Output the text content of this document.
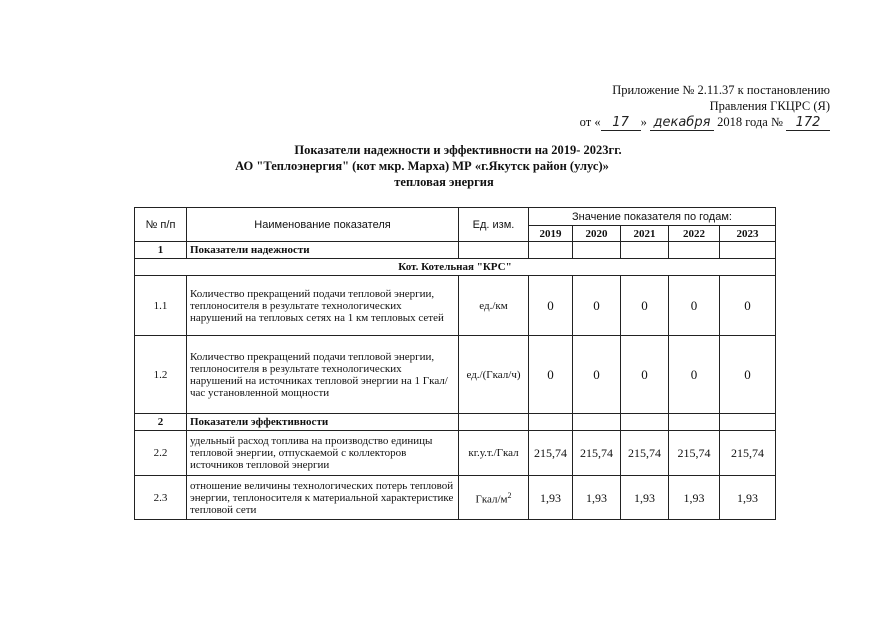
Приложение № 2.11.37 к постановлению
Правления ГКЦРС (Я)
от « 17 » декабря 2018 года № 172
Показатели надежности и эффективности на 2019- 2023гг.
АО "Теплоэнергия" (кот мкр. Марха) МР «г.Якутск район (улус)»
тепловая энергия
№ п/п	Наименование показателя	Ед. изм.	Значение показателя по годам:				
			2019	2020	2021	2022	2023
1	Показатели надежности						
Кот. Котельная "КРС"							
1.1	Количество прекращений подачи тепловой энергии, теплоносителя в результате технологических нарушений на тепловых сетях на 1 км тепловых сетей	ед./км	0	0	0	0	0
1.2	Количество прекращений подачи тепловой энергии, теплоносителя в результате технологических нарушений на источниках тепловой энергии на 1 Гкал/час установленной мощности	ед./(Гкал/ч)	0	0	0	0	0
2	Показатели эффективности						
2.2	удельный расход топлива на производство единицы тепловой энергии, отпускаемой с коллекторов источников тепловой энергии	кг.у.т./Гкал	215,74	215,74	215,74	215,74	215,74
2.3	отношение величины технологических потерь тепловой энергии, теплоносителя к материальной характеристике тепловой сети	Гкал/$м^2$	1,93	1,93	1,93	1,93	1,93
